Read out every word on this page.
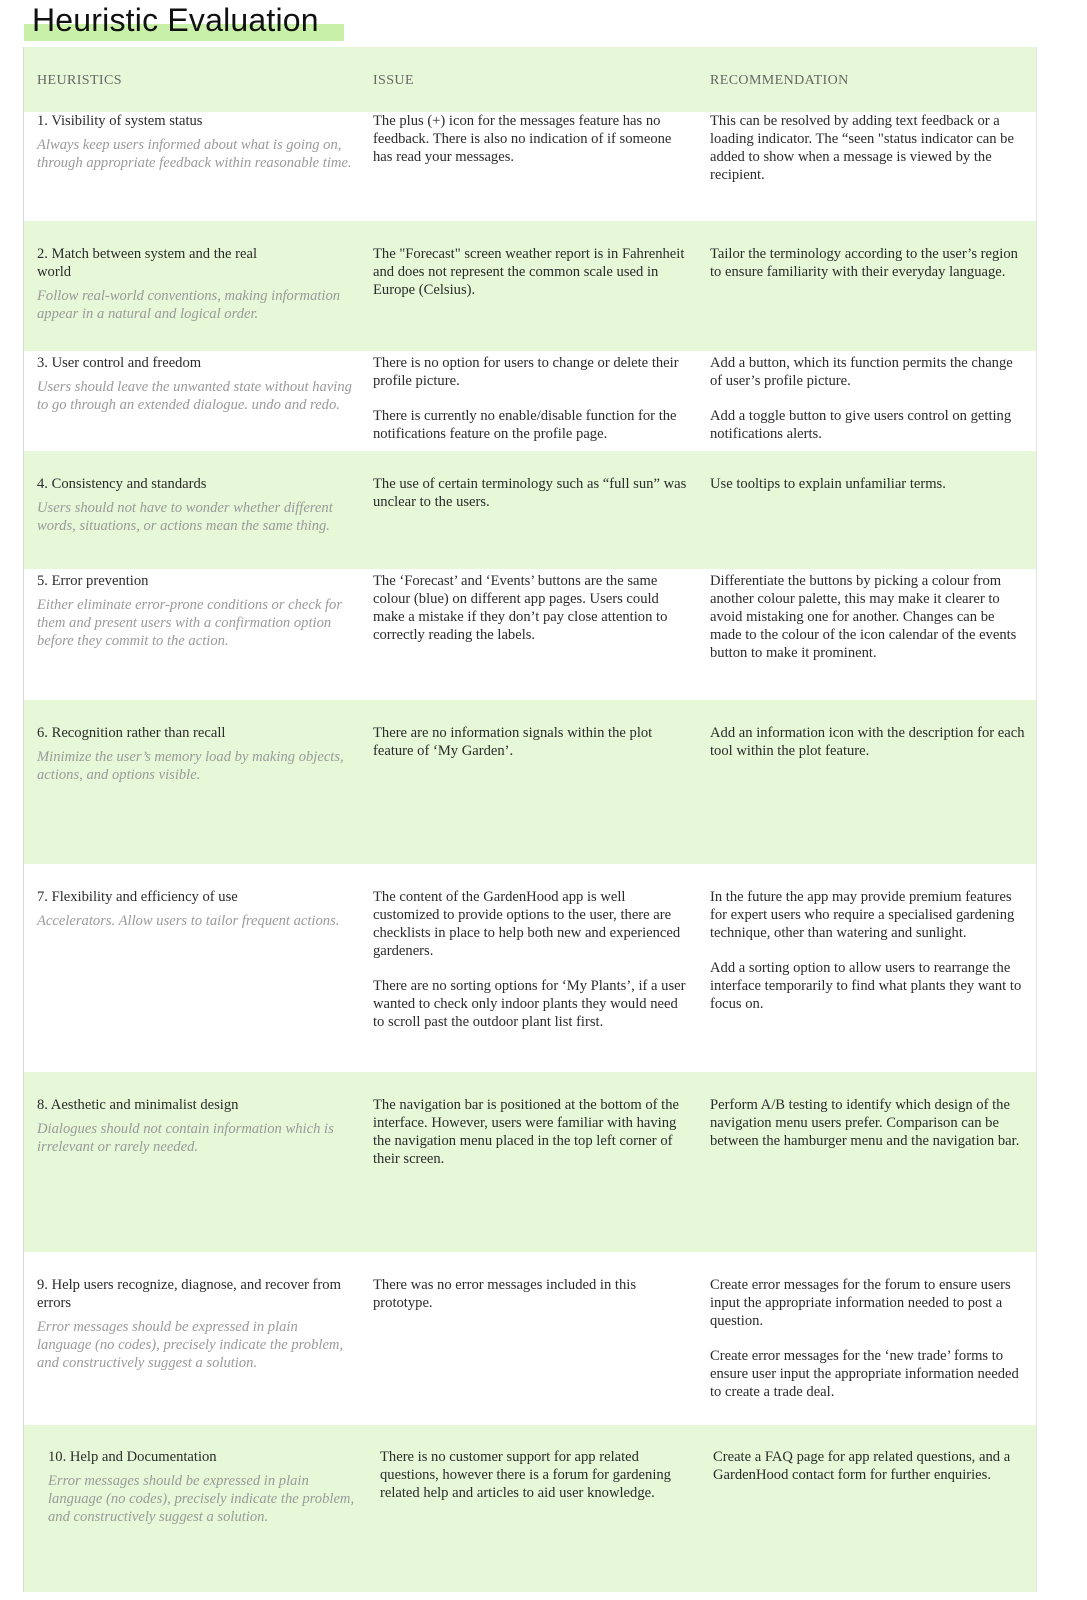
Heuristic Evaluation
HEURISTICS	ISSUE	RECOMMENDATION

1. Visibility of system status

Always keep users informed about what is going on, through appropriate feedback within reasonable time.

The plus (+) icon for the messages feature has no feedback. There is also no indication of if someone has read your messages.

This can be resolved by adding text feedback or a loading indicator. The “seen "status indicator can be added to show when a message is viewed by the recipient.

2. Match between system and the real world

Follow real-world conventions, making information appear in a natural and logical order.

The "Forecast" screen weather report is in Fahrenheit and does not represent the common scale used in Europe (Celsius).

Tailor the terminology according to the user’s region to ensure familiarity with their everyday language.

3. User control and freedom

Users should leave the unwanted state without having to go through an extended dialogue. undo and redo.

There is no option for users to change or delete their profile picture.

There is currently no enable/disable function for the notifications feature on the profile page.

Add a button, which its function permits the change of user’s profile picture.

Add a toggle button to give users control on getting notifications alerts.

4. Consistency and standards

Users should not have to wonder whether different words, situations, or actions mean the same thing.

The use of certain terminology such as “full sun” was unclear to the users.

Use tooltips to explain unfamiliar terms.

5. Error prevention

Either eliminate error-prone conditions or check for them and present users with a confirmation option before they commit to the action.

The ‘Forecast’ and ‘Events’ buttons are the same colour (blue) on different app pages. Users could make a mistake if they don’t pay close attention to correctly reading the labels.

Differentiate the buttons by picking a colour from another colour palette, this may make it clearer to avoid mistaking one for another. Changes can be made to the colour of the icon calendar of the events button to make it prominent.

6. Recognition rather than recall

Minimize the user’s memory load by making objects, actions, and options visible.

There are no information signals within the plot feature of ‘My Garden’.

Add an information icon with the description for each tool within the plot feature.

7. Flexibility and efficiency of use

Accelerators. Allow users to tailor frequent actions.

The content of the GardenHood app is well customized to provide options to the user, there are checklists in place to help both new and experienced gardeners.

There are no sorting options for ‘My Plants’, if a user wanted to check only indoor plants they would need to scroll past the outdoor plant list first.

In the future the app may provide premium features for expert users who require a specialised gardening technique, other than watering and sunlight.

Add a sorting option to allow users to rearrange the interface temporarily to find what plants they want to focus on.

8. Aesthetic and minimalist design

Dialogues should not contain information which is irrelevant or rarely needed.

The navigation bar is positioned at the bottom of the interface. However, users were familiar with having the navigation menu placed in the top left corner of their screen.

Perform A/B testing to identify which design of the navigation menu users prefer. Comparison can be between the hamburger menu and the navigation bar.

9. Help users recognize, diagnose, and recover from errors

Error messages should be expressed in plain language (no codes), precisely indicate the problem, and constructively suggest a solution.

There was no error messages included in this prototype.

Create error messages for the forum to ensure users input the appropriate information needed to post a question.

Create error messages for the ‘new trade’ forms to ensure user input the appropriate information needed to create a trade deal.

10. Help and Documentation

Error messages should be expressed in plain language (no codes), precisely indicate the problem, and constructively suggest a solution.

There is no customer support for app related questions, however there is a forum for gardening related help and articles to aid user knowledge.

Create a FAQ page for app related questions, and a GardenHood contact form for further enquiries.
